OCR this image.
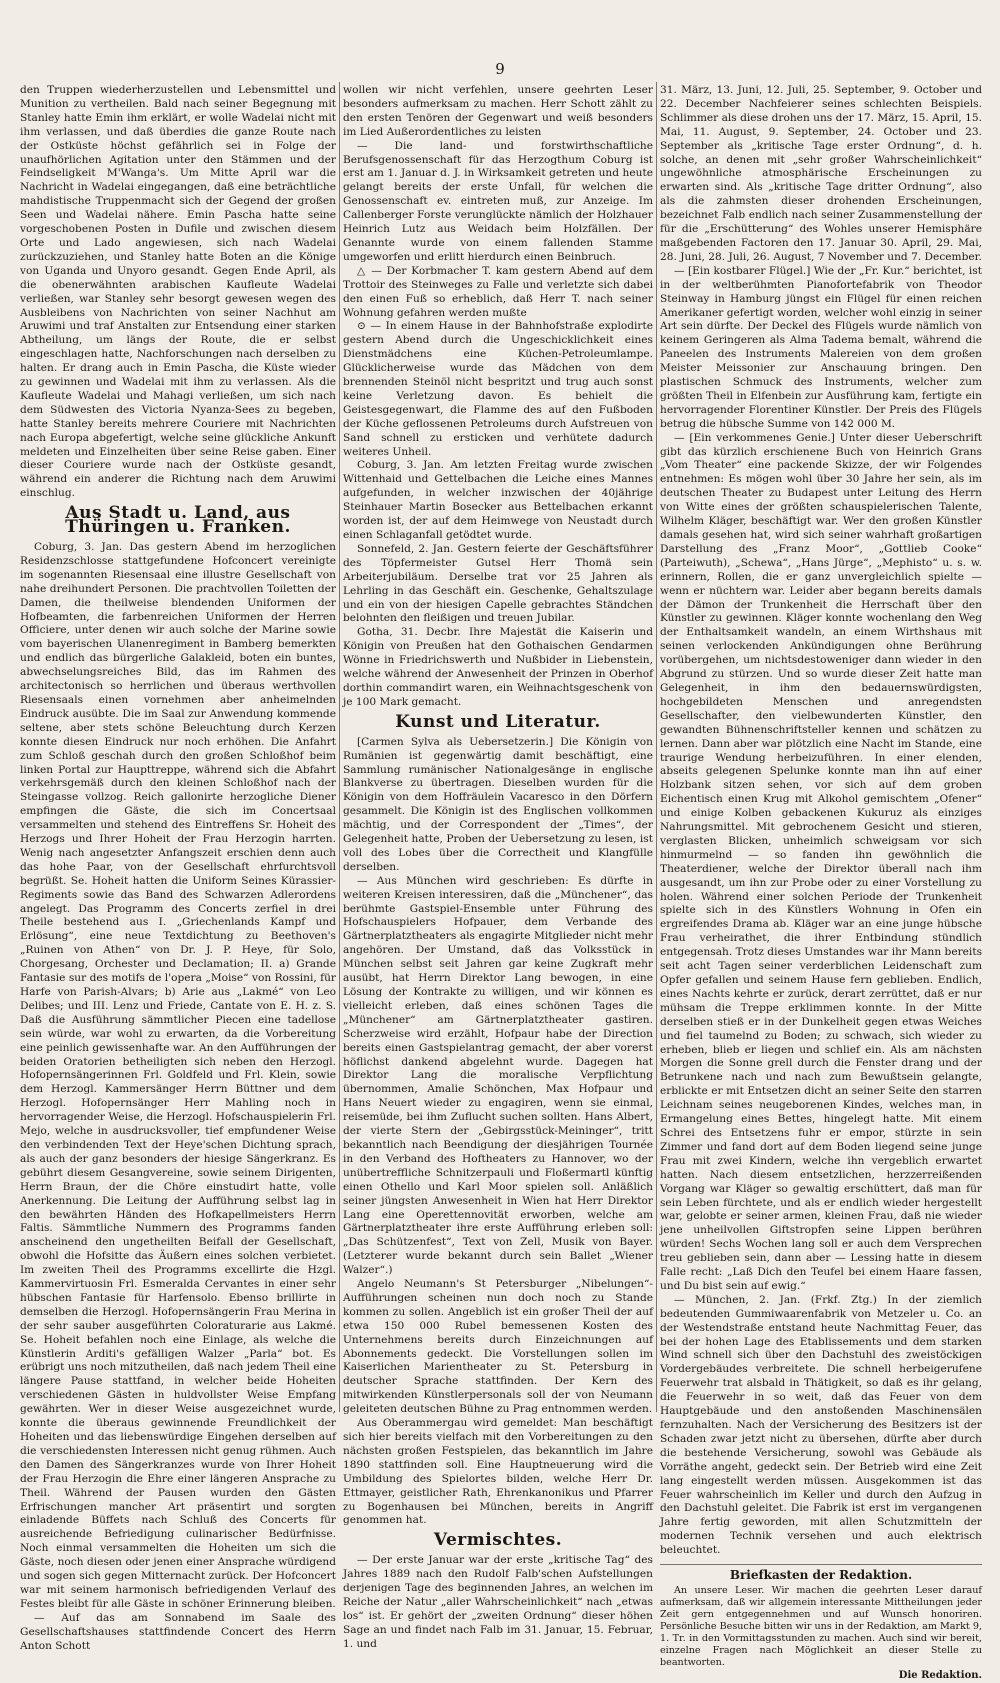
9

den Truppen wiederherzustellen und Lebensmittel und Munition zu vertheilen. Bald nach seiner Begegnung mit Stanley hatte Emin ihm erklärt, er wolle Wadelai nicht mit ihm verlassen, und daß überdies die ganze Route nach der Ostküste höchst gefährlich sei in Folge der unaufhörlichen Agitation unter den Stämmen und der Feindseligkeit M'Wanga's. Um Mitte April war die Nachricht in Wadelai eingegangen, daß eine beträchtliche mahdistische Truppenmacht sich der Gegend der großen Seen und Wadelai nähere. Emin Pascha hatte seine vorgeschobenen Posten in Dufile und zwischen diesem Orte und Lado angewiesen, sich nach Wadelai zurückzuziehen, und Stanley hatte Boten an die Könige von Uganda und Unyoro gesandt. Gegen Ende April, als die obenerwähnten arabischen Kaufleute Wadelai verließen, war Stanley sehr besorgt gewesen wegen des Ausbleibens von Nachrichten von seiner Nachhut am Aruwimi und traf Anstalten zur Entsendung einer starken Abtheilung, um längs der Route, die er selbst eingeschlagen hatte, Nachforschungen nach derselben zu halten. Er drang auch in Emin Pascha, die Küste wieder zu gewinnen und Wadelai mit ihm zu verlassen. Als die Kaufleute Wadelai und Mahagi verließen, um sich nach dem Südwesten des Victoria Nyanza-Sees zu begeben, hatte Stanley bereits mehrere Couriere mit Nachrichten nach Europa abgefertigt, welche seine glückliche Ankunft meldeten und Einzelheiten über seine Reise gaben. Einer dieser Couriere wurde nach der Ostküste gesandt, während ein anderer die Richtung nach dem Aruwimi einschlug.

Aus Stadt u. Land, aus Thüringen u. Franken.

Coburg, 3. Jan. Das gestern Abend im herzoglichen Residenzschlosse stattgefundene Hofconcert vereinigte im sogenannten Riesensaal eine illustre Gesellschaft von nahe dreihundert Personen. Die prachtvollen Toiletten der Damen, die theilweise blendenden Uniformen der Hofbeamten, die farbenreichen Uniformen der Herren Officiere, unter denen wir auch solche der Marine sowie vom bayerischen Ulanenregiment in Bamberg bemerkten und endlich das bürgerliche Galakleid, boten ein buntes, abwechselungsreiches Bild, das im Rahmen des architectonisch so herrlichen und überaus werthvollen Riesensaals einen vornehmen aber anheimelnden Eindruck ausübte. Die im Saal zur Anwendung kommende seltene, aber stets schöne Beleuchtung durch Kerzen konnte diesen Eindruck nur noch erhöhen. Die Anfahrt zum Schloß geschah durch den großen Schloßhof beim linken Portal zur Haupttreppe, während sich die Abfahrt verkehrsgemäß durch den kleinen Schloßhof nach der Steingasse vollzog. Reich gallonirte herzogliche Diener empfingen die Gäste, die sich im Concertsaal versammelten und stehend des Eintreffens Sr. Hoheit des Herzogs und Ihrer Hoheit der Frau Herzogin harrten. Wenig nach angesetzter Anfangszeit erschien denn auch das hohe Paar, von der Gesellschaft ehrfurchtsvoll begrüßt. Se. Hoheit hatten die Uniform Seines Kürassier-Regiments sowie das Band des Schwarzen Adlerordens angelegt. Das Programm des Concerts zerfiel in drei Theile bestehend aus I. „Griechenlands Kampf und Erlösung“, eine neue Textdichtung zu Beethoven's „Ruinen von Athen“ von Dr. J. P. Heye, für Solo, Chorgesang, Orchester und Declamation; II. a) Grande Fantasie sur des motifs de l'opera „Moise“ von Rossini, für Harfe von Parish-Alvars; b) Arie aus „Lakmé“ von Leo Delibes; und III. Lenz und Friede, Cantate von E. H. z. S. Daß die Ausführung sämmtlicher Piecen eine tadellose sein würde, war wohl zu erwarten, da die Vorbereitung eine peinlich gewissenhafte war. An den Aufführungen der beiden Oratorien betheiligten sich neben den Herzogl. Hofopernsängerinnen Frl. Goldfeld und Frl. Klein, sowie dem Herzogl. Kammersänger Herrn Büttner und dem Herzogl. Hofopernsänger Herr Mahling noch in hervorragender Weise, die Herzogl. Hofschauspielerin Frl. Mejo, welche in ausdrucksvoller, tief empfundener Weise den verbindenden Text der Heye'schen Dichtung sprach, als auch der ganz besonders der hiesige Sängerkranz. Es gebührt diesem Gesangvereine, sowie seinem Dirigenten, Herrn Braun, der die Chöre einstudirt hatte, volle Anerkennung. Die Leitung der Aufführung selbst lag in den bewährten Händen des Hofkapellmeisters Herrn Faltis. Sämmtliche Nummern des Programms fanden anscheinend den ungetheilten Beifall der Gesellschaft, obwohl die Hofsitte das Äußern eines solchen verbietet. Im zweiten Theil des Programms excellirte die Hzgl. Kammervirtuosin Frl. Esmeralda Cervantes in einer sehr hübschen Fantasie für Harfensolo. Ebenso brillirte in demselben die Herzogl. Hofopernsängerin Frau Merina in der sehr sauber ausgeführten Coloraturarie aus Lakmé. Se. Hoheit befahlen noch eine Einlage, als welche die Künstlerin Arditi's gefälligen Walzer „Parla“ bot. Es erübrigt uns noch mitzutheilen, daß nach jedem Theil eine längere Pause stattfand, in welcher beide Hoheiten verschiedenen Gästen in huldvollster Weise Empfang gewährten. Wer in dieser Weise ausgezeichnet wurde, konnte die überaus gewinnende Freundlichkeit der Hoheiten und das liebenswürdige Eingehen derselben auf die verschiedensten Interessen nicht genug rühmen. Auch den Damen des Sängerkranzes wurde von Ihrer Hoheit der Frau Herzogin die Ehre einer längeren Ansprache zu Theil. Während der Pausen wurden den Gästen Erfrischungen mancher Art präsentirt und sorgten einladende Büffets nach Schluß des Concerts für ausreichende Befriedigung culinarischer Bedürfnisse. Noch einmal versammelten die Hoheiten um sich die Gäste, noch diesen oder jenen einer Ansprache würdigend und sogen sich gegen Mitternacht zurück. Der Hofconcert war mit seinem harmonisch befriedigenden Verlauf des Festes bleibt für alle Gäste in schöner Erinnerung bleiben.

— Auf das am Sonnabend im Saale des Gesellschaftshauses stattfindende Concert des Herrn Anton Schott

wollen wir nicht verfehlen, unsere geehrten Leser besonders aufmerksam zu machen. Herr Schott zählt zu den ersten Tenören der Gegenwart und weiß besonders im Lied Außerordentliches zu leisten

— Die land- und forstwirthschaftliche Berufsgenossenschaft für das Herzogthum Coburg ist erst am 1. Januar d. J. in Wirksamkeit getreten und heute gelangt bereits der erste Unfall, für welchen die Genossenschaft ev. eintreten muß, zur Anzeige. Im Callenberger Forste verunglückte nämlich der Holzhauer Heinrich Lutz aus Weidach beim Holzfällen. Der Genannte wurde von einem fallenden Stamme umgeworfen und erlitt hierdurch einen Beinbruch.

△ — Der Korbmacher T. kam gestern Abend auf dem Trottoir des Steinweges zu Falle und verletzte sich dabei den einen Fuß so erheblich, daß Herr T. nach seiner Wohnung gefahren werden mußte

⊙ — In einem Hause in der Bahnhofstraße explodirte gestern Abend durch die Ungeschicklichkeit eines Dienstmädchens eine Küchen-Petroleumlampe. Glücklicherweise wurde das Mädchen von dem brennenden Steinöl nicht bespritzt und trug auch sonst keine Verletzung davon. Es behielt die Geistesgegenwart, die Flamme des auf den Fußboden der Küche geflossenen Petroleums durch Aufstreuen von Sand schnell zu ersticken und verhütete dadurch weiteres Unheil.

Coburg, 3. Jan. Am letzten Freitag wurde zwischen Wittenhaid und Gettelbachen die Leiche eines Mannes aufgefunden, in welcher inzwischen der 40jährige Steinhauer Martin Bosecker aus Bettelbachen erkannt worden ist, der auf dem Heimwege von Neustadt durch einen Schlaganfall getödtet wurde.

Sonnefeld, 2. Jan. Gestern feierte der Geschäftsführer des Töpfermeister Gutsel Herr Thomä sein Arbeiterjubiläum. Derselbe trat vor 25 Jahren als Lehrling in das Geschäft ein. Geschenke, Gehaltszulage und ein von der hiesigen Capelle gebrachtes Ständchen belohnten den fleißigen und treuen Jubilar.

Gotha, 31. Decbr. Ihre Majestät die Kaiserin und Königin von Preußen hat den Gothaischen Gendarmen Wönne in Friedrichswerth und Nußbider in Liebenstein, welche während der Anwesenheit der Prinzen in Oberhof dorthin commandirt waren, ein Weihnachtsgeschenk von je 100 Mark gemacht.

Kunst und Literatur.

[Carmen Sylva als Uebersetzerin.] Die Königin von Rumänien ist gegenwärtig damit beschäftigt, eine Sammlung rumänischer Nationalgesänge in englische Blankverse zu übertragen. Dieselben wurden für die Königin von dem Hoffräulein Vacaresco in den Dörfern gesammelt. Die Königin ist des Englischen vollkommen mächtig, und der Correspondent der „Times“, der Gelegenheit hatte, Proben der Uebersetzung zu lesen, ist voll des Lobes über die Correctheit und Klangfülle derselben.

— Aus München wird geschrieben: Es dürfte in weiteren Kreisen interessiren, daß die „Münchener“, das berühmte Gastspiel-Ensemble unter Führung des Hofschauspielers Hofpauer, dem Verbande des Gärtnerplatztheaters als engagirte Mitglieder nicht mehr angehören. Der Umstand, daß das Volksstück in München selbst seit Jahren gar keine Zugkraft mehr ausübt, hat Herrn Direktor Lang bewogen, in eine Lösung der Kontrakte zu willigen, und wir können es vielleicht erleben, daß eines schönen Tages die „Münchener“ am Gärtnerplatztheater gastiren. Scherzweise wird erzählt, Hofpaur habe der Direction bereits einen Gastspielantrag gemacht, der aber vorerst höflichst dankend abgelehnt wurde. Dagegen hat Direktor Lang die moralische Verpflichtung übernommen, Amalie Schönchen, Max Hofpaur und Hans Neuert wieder zu engagiren, wenn sie einmal, reisemüde, bei ihm Zuflucht suchen sollten. Hans Albert, der vierte Stern der „Gebirgsstück-Meininger“, tritt bekanntlich nach Beendigung der diesjährigen Tournée in den Verband des Hoftheaters zu Hannover, wo der unübertreffliche Schnitzerpauli und Floßermartl künftig einen Othello und Karl Moor spielen soll. Anläßlich seiner jüngsten Anwesenheit in Wien hat Herr Direktor Lang eine Operettennovität erworben, welche am Gärtnerplatztheater ihre erste Aufführung erleben soll: „Das Schützenfest“, Text von Zell, Musik von Bayer. (Letzterer wurde bekannt durch sein Ballet „Wiener Walzer“.)

Angelo Neumann's St Petersburger „Nibelungen“-Aufführungen scheinen nun doch noch zu Stande kommen zu sollen. Angeblich ist ein großer Theil der auf etwa 150 000 Rubel bemessenen Kosten des Unternehmens bereits durch Einzeichnungen auf Abonnements gedeckt. Die Vorstellungen sollen im Kaiserlichen Marientheater zu St. Petersburg in deutscher Sprache stattfinden. Der Kern des mitwirkenden Künstlerpersonals soll der von Neumann geleiteten deutschen Bühne zu Prag entnommen werden.

Aus Oberammergau wird gemeldet: Man beschäftigt sich hier bereits vielfach mit den Vorbereitungen zu den nächsten großen Festspielen, das bekanntlich im Jahre 1890 stattfinden soll. Eine Hauptneuerung wird die Umbildung des Spielortes bilden, welche Herr Dr. Ettmayer, geistlicher Rath, Ehrenkanonikus und Pfarrer zu Bogenhausen bei München, bereits in Angriff genommen hat.

Vermischtes.

— Der erste Januar war der erste „kritische Tag“ des Jahres 1889 nach den Rudolf Falb'schen Aufstellungen derjenigen Tage des beginnenden Jahres, an welchen im Reiche der Natur „aller Wahrscheinlichkeit“ nach „etwas los“ ist. Er gehört der „zweiten Ordnung“ dieser höhen Sage an und findet nach Falb im 31. Januar, 15. Februar, 1. und

31. März, 13. Juni, 12. Juli, 25. September, 9. October und 22. December Nachfeierer seines schlechten Beispiels. Schlimmer als diese drohen uns der 17. März, 15. April, 15. Mai, 11. August, 9. September, 24. October und 23. September als „kritische Tage erster Ordnung“, d. h. solche, an denen mit „sehr großer Wahrscheinlichkeit“ ungewöhnliche atmosphärische Erscheinungen zu erwarten sind. Als „kritische Tage dritter Ordnung“, also als die zahmsten dieser drohenden Erscheinungen, bezeichnet Falb endlich nach seiner Zusammenstellung der für die „Erschütterung“ des Wohles unserer Hemisphäre maßgebenden Factoren den 17. Januar 30. April, 29. Mai, 28. Juni, 28. Juli, 26. August, 7 November und 7. December.

— [Ein kostbarer Flügel.] Wie der „Fr. Kur.“ berichtet, ist in der weltberühmten Pianofortefabrik von Theodor Steinway in Hamburg jüngst ein Flügel für einen reichen Amerikaner gefertigt worden, welcher wohl einzig in seiner Art sein dürfte. Der Deckel des Flügels wurde nämlich von keinem Geringeren als Alma Tadema bemalt, während die Paneelen des Instruments Malereien von dem großen Meister Meissonier zur Anschauung bringen. Den plastischen Schmuck des Instruments, welcher zum größten Theil in Elfenbein zur Ausführung kam, fertigte ein hervorragender Florentiner Künstler. Der Preis des Flügels betrug die hübsche Summe von 142 000 M.

— [Ein verkommenes Genie.] Unter dieser Ueberschrift gibt das kürzlich erschienene Buch von Heinrich Grans „Vom Theater“ eine packende Skizze, der wir Folgendes entnehmen: Es mögen wohl über 30 Jahre her sein, als im deutschen Theater zu Budapest unter Leitung des Herrn von Witte eines der größten schauspielerischen Talente, Wilhelm Kläger, beschäftigt war. Wer den großen Künstler damals gesehen hat, wird sich seiner wahrhaft großartigen Darstellung des „Franz Moor“, „Gottlieb Cooke“ (Parteiwuth), „Schewa“, „Hans Jürge“, „Mephisto“ u. s. w. erinnern, Rollen, die er ganz unvergleichlich spielte — wenn er nüchtern war. Leider aber begann bereits damals der Dämon der Trunkenheit die Herrschaft über den Künstler zu gewinnen. Kläger konnte wochenlang den Weg der Enthaltsamkeit wandeln, an einem Wirthshaus mit seinen verlockenden Ankündigungen ohne Berührung vorübergehen, um nichtsdestoweniger dann wieder in den Abgrund zu stürzen. Und so wurde dieser Zeit hatte man Gelegenheit, in ihm den bedauernswürdigsten, hochgebildeten Menschen und anregendsten Gesellschafter, den vielbewunderten Künstler, den gewandten Bühnenschriftsteller kennen und schätzen zu lernen. Dann aber war plötzlich eine Nacht im Stande, eine traurige Wendung herbeizuführen. In einer elenden, abseits gelegenen Spelunke konnte man ihn auf einer Holzbank sitzen sehen, vor sich auf dem groben Eichentisch einen Krug mit Alkohol gemischtem „Ofener“ und einige Kolben gebackenen Kukuruz als einziges Nahrungsmittel. Mit gebrochenem Gesicht und stieren, verglasten Blicken, unheimlich schweigsam vor sich hinmurmelnd — so fanden ihn gewöhnlich die Theaterdiener, welche der Direktor überall nach ihm ausgesandt, um ihn zur Probe oder zu einer Vorstellung zu holen. Während einer solchen Periode der Trunkenheit spielte sich in des Künstlers Wohnung in Ofen ein ergreifendes Drama ab. Kläger war an eine junge hübsche Frau verheirathet, die ihrer Entbindung stündlich entgegensah. Trotz dieses Umstandes war ihr Mann bereits seit acht Tagen seiner verderblichen Leidenschaft zum Opfer gefallen und seinem Hause fern geblieben. Endlich, eines Nachts kehrte er zurück, derart zerrüttet, daß er nur mühsam die Treppe erklimmen konnte. In der Mitte derselben stieß er in der Dunkelheit gegen etwas Weiches und fiel taumelnd zu Boden; zu schwach, sich wieder zu erheben, blieb er liegen und schlief ein. Als am nächsten Morgen die Sonne grell durch die Fenster drang und der Betrunkene nach und nach zum Bewußtsein gelangte, erblickte er mit Entsetzen dicht an seiner Seite den starren Leichnam seines neugeborenen Kindes, welches man, in Ermangelung eines Bettes, hingelegt hatte. Mit einem Schrei des Entsetzens fuhr er empor, stürzte in sein Zimmer und fand dort auf dem Boden liegend seine junge Frau mit zwei Kindern, welche ihn vergeblich erwartet hatten. Nach diesem entsetzlichen, herzzerreißenden Vorgang war Kläger so gewaltig erschüttert, daß man für sein Leben fürchtete, und als er endlich wieder hergestellt war, gelobte er seiner armen, kleinen Frau, daß nie wieder jene unheilvollen Giftstropfen seine Lippen berühren würden! Sechs Wochen lang soll er auch dem Versprechen treu geblieben sein, dann aber — Lessing hatte in diesem Falle recht: „Laß Dich den Teufel bei einem Haare fassen, und Du bist sein auf ewig.“

— München, 2. Jan. (Frkf. Ztg.) In der ziemlich bedeutenden Gummiwaarenfabrik von Metzeler u. Co. an der Westendstraße entstand heute Nachmittag Feuer, das bei der hohen Lage des Etablissements und dem starken Wind schnell sich über den Dachstuhl des zweistöckigen Vordergebäudes verbreitete. Die schnell herbeigerufene Feuerwehr trat alsbald in Thätigkeit, so daß es ihr gelang, die Feuerwehr in so weit, daß das Feuer von dem Hauptgebäude und den anstoßenden Maschinensälen fernzuhalten. Nach der Versicherung des Besitzers ist der Schaden zwar jetzt nicht zu übersehen, dürfte aber durch die bestehende Versicherung, sowohl was Gebäude als Vorräthe angeht, gedeckt sein. Der Betrieb wird eine Zeit lang eingestellt werden müssen. Ausgekommen ist das Feuer wahrscheinlich im Keller und durch den Aufzug in den Dachstuhl geleitet. Die Fabrik ist erst im vergangenen Jahre fertig geworden, mit allen Schutzmitteln der modernen Technik versehen und auch elektrisch beleuchtet.

Briefkasten der Redaktion.

An unsere Leser. Wir machen die geehrten Leser darauf aufmerksam, daß wir allgemein interessante Mittheilungen jeder Zeit gern entgegennehmen und auf Wunsch honoriren. Persönliche Besuche bitten wir uns in der Redaktion, am Markt 9, 1. Tr. in den Vormittagsstunden zu machen. Auch sind wir bereit, einzelne Fragen nach Möglichkeit an dieser Stelle zu beantworten.

Die Redaktion.
